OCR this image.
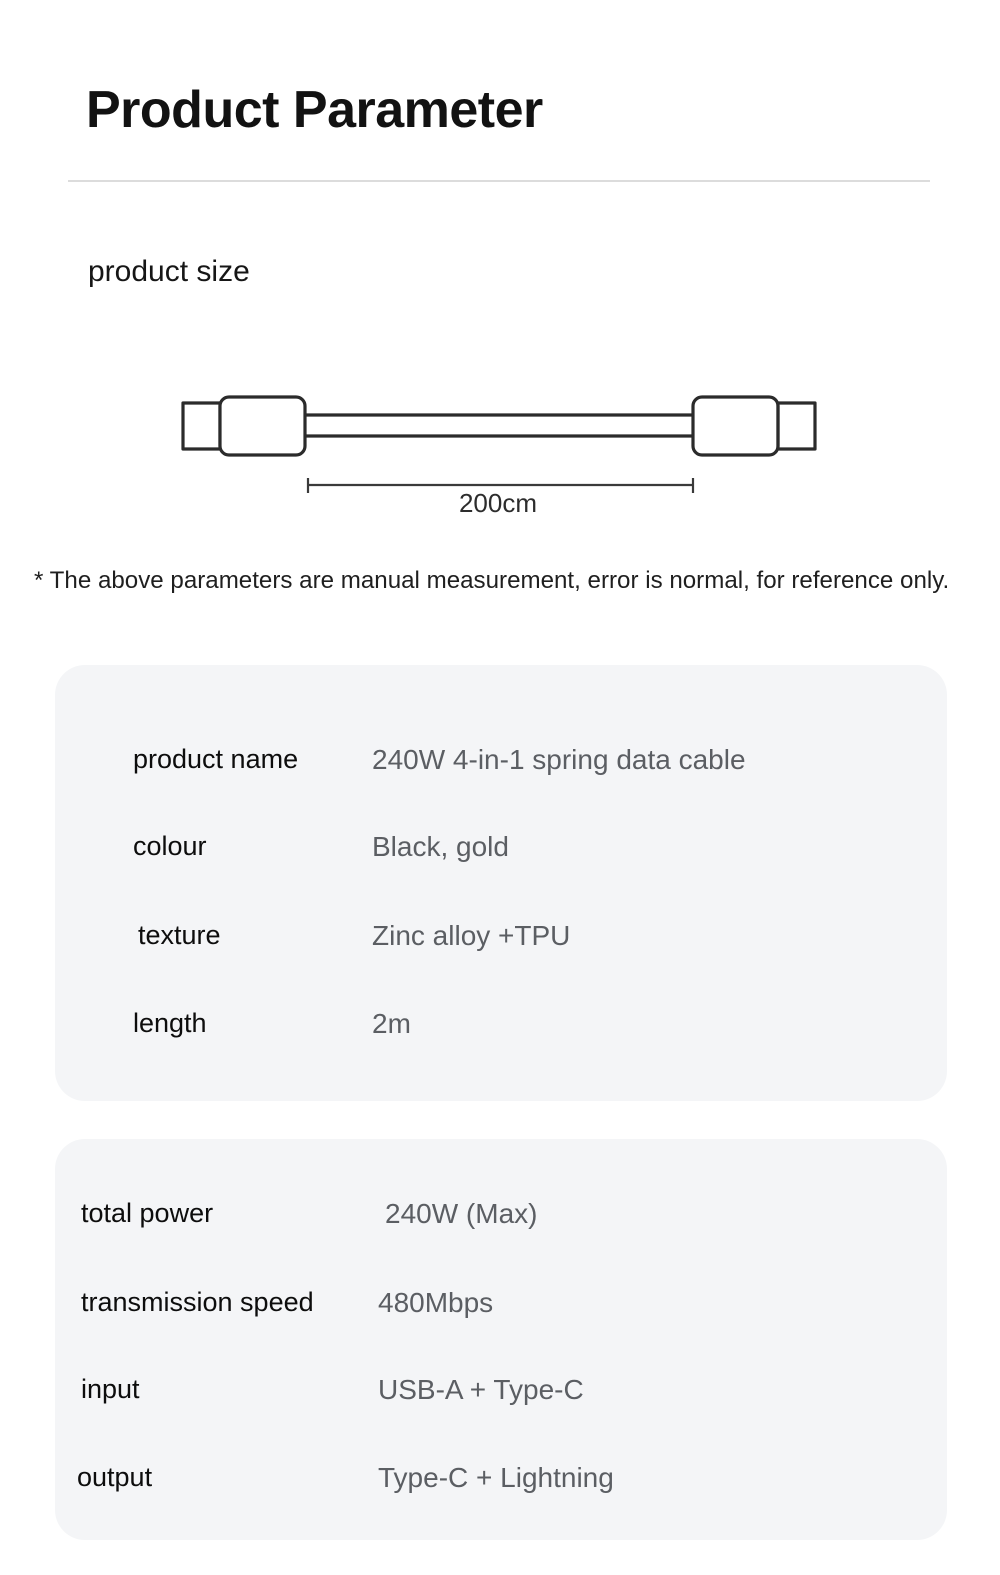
Product Parameter
product size
200cm
* The above parameters are manual measurement, error is normal, for reference only.
product name	240W 4-in-1 spring data cable
colour	Black, gold
texture	Zinc alloy +TPU
length	2m
total power	240W (Max)
transmission speed 480Mbps
input	USB-A + Type-C
output	Type-C + Lightning
